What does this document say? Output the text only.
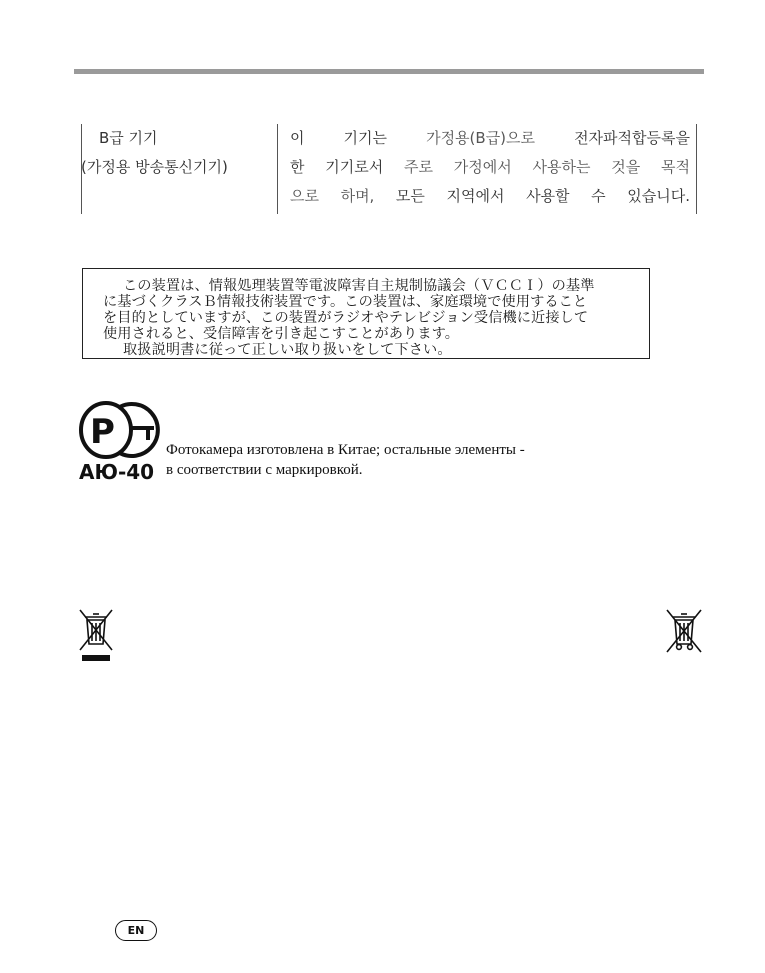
B급 기기
(가정용 방송통신기기)
이	기기는	가정용(B급)으로	전자파적합등록을
한 기기로서 주로 가정에서 사용하는 것을 목적
으로 하며, 모든 지역에서 사용할 수 있습니다.
この装置は、情報処理装置等電波障害自主規制協議会（ＶＣＣＩ）の基準
に基づくクラスＢ情報技術装置です。この装置は、家庭環境で使用すること
を目的としていますが、この装置がラジオやテレビジョン受信機に近接して
使用されると、受信障害を引き起こすことがあります。
取扱説明書に従って正しい取り扱いをして下さい。
P
АЮ-40
Фотокамера изготовлена в Китае; остальные элементы -
в соответствии с маркировкой.
EN
